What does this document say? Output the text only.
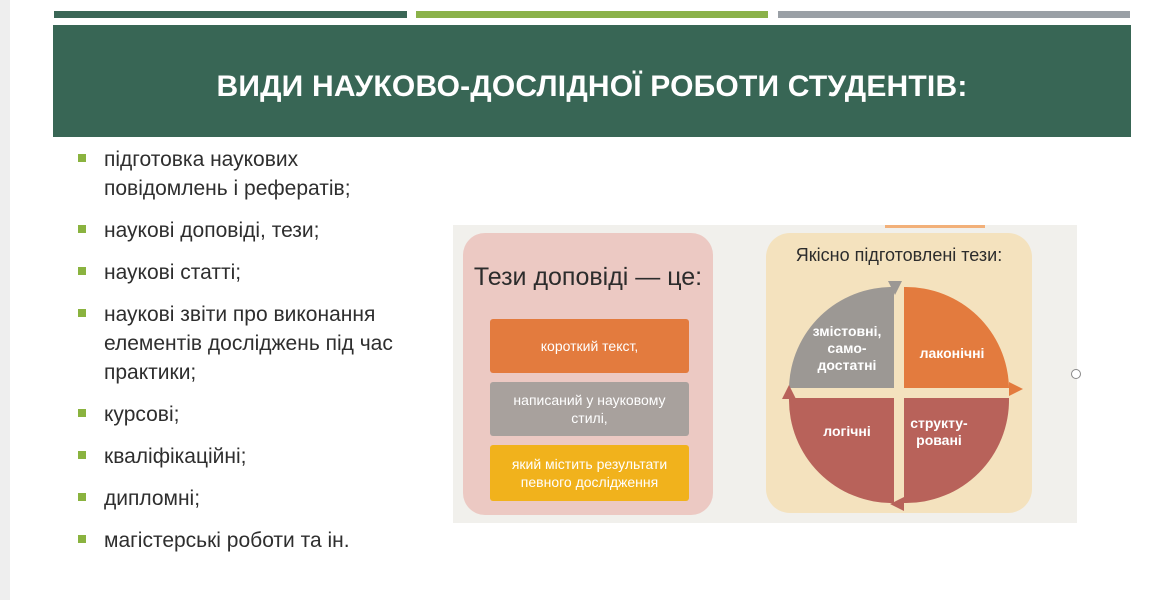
ВИДИ НАУКОВО-ДОСЛІДНОЇ РОБОТИ СТУДЕНТІВ:
підготовка наукових повідомлень і рефератів;
наукові доповіді, тези;
наукові статті;
наукові звіти про виконання елементів досліджень під час практики;
курсові;
кваліфікаційні;
дипломні;
магістерські роботи та ін.
Тези доповіді — це:
короткий текст,
написаний у науковому стилі,
який містить результати певного дослідження
Якісно підготовлені тези:
змістовні, само-достатні
лаконічні
логічні	структу-ровані
